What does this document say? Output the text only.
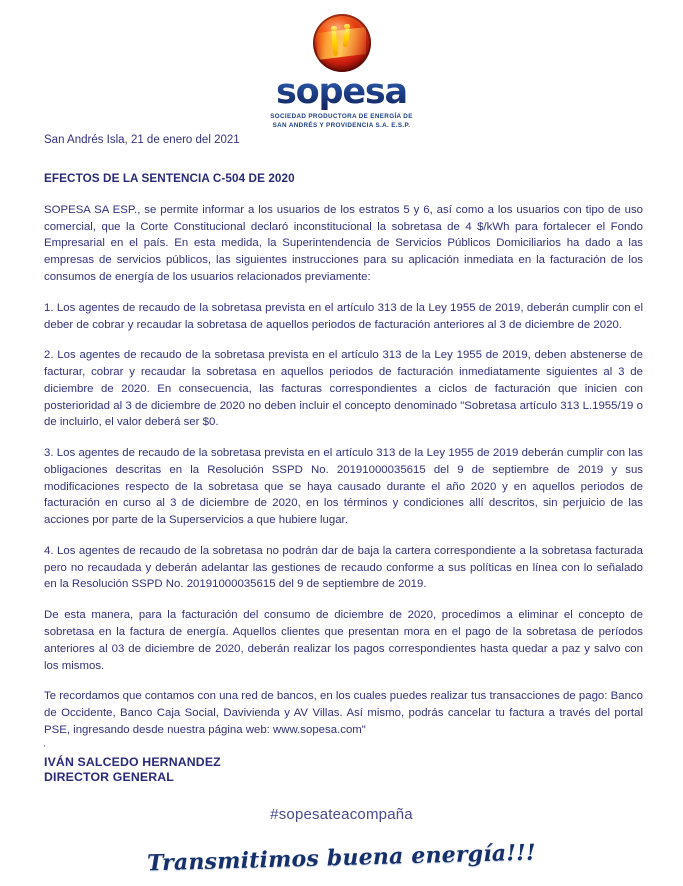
sopesa
SOCIEDAD PRODUCTORA DE ENERGÍA DE
SAN ANDRÉS Y PROVIDENCIA S.A. E.S.P.
San Andrés Isla, 21 de enero del 2021
EFECTOS DE LA SENTENCIA C-504 DE 2020

SOPESA SA ESP., se permite informar a los usuarios de los estratos 5 y 6, así como a los usuarios con tipo de uso comercial, que la Corte Constitucional declaró inconstitucional la sobretasa de 4 $/kWh para fortalecer el Fondo Empresarial en el país. En esta medida, la Superintendencia de Servicios Públicos Domiciliarios ha dado a las empresas de servicios públicos, las siguientes instrucciones para su aplicación inmediata en la facturación de los consumos de energía de los usuarios relacionados previamente:

1. Los agentes de recaudo de la sobretasa prevista en el artículo 313 de la Ley 1955 de 2019, deberán cumplir con el deber de cobrar y recaudar la sobretasa de aquellos periodos de facturación anteriores al 3 de diciembre de 2020.

2. Los agentes de recaudo de la sobretasa prevista en el artículo 313 de la Ley 1955 de 2019, deben abstenerse de facturar, cobrar y recaudar la sobretasa en aquellos periodos de facturación inmediatamente siguientes al 3 de diciembre de 2020. En consecuencia, las facturas correspondientes a ciclos de facturación que inicien con posterioridad al 3 de diciembre de 2020 no deben incluir el concepto denominado "Sobretasa artículo 313 L.1955/19 o de incluirlo, el valor deberá ser $0.

3. Los agentes de recaudo de la sobretasa prevista en el artículo 313 de la Ley 1955 de 2019 deberán cumplir con las obligaciones descritas en la Resolución SSPD No. 20191000035615 del 9 de septiembre de 2019 y sus modificaciones respecto de la sobretasa que se haya causado durante el año 2020 y en aquellos periodos de facturación en curso al 3 de diciembre de 2020, en los términos y condiciones allí descritos, sin perjuicio de las acciones por parte de la Superservicios a que hubiere lugar.

4. Los agentes de recaudo de la sobretasa no podrán dar de baja la cartera correspondiente a la sobretasa facturada pero no recaudada y deberán adelantar las gestiones de recaudo conforme a sus políticas en línea con lo señalado en la Resolución SSPD No. 20191000035615 del 9 de septiembre de 2019.

De esta manera, para la facturación del consumo de diciembre de 2020, procedimos a eliminar el concepto de sobretasa en la factura de energía. Aquellos clientes que presentan mora en el pago de la sobretasa de períodos anteriores al 03 de diciembre de 2020, deberán realizar los pagos correspondientes hasta quedar a paz y salvo con los mismos.

Te recordamos que contamos con una red de bancos, en los cuales puedes realizar tus transacciones de pago: Banco de Occidente, Banco Caja Social, Davivienda y AV Villas. Así mismo, podrás cancelar tu factura a través del portal PSE, ingresando desde nuestra página web: www.sopesa.com"

'
IVÁN SALCEDO HERNANDEZ
DIRECTOR GENERAL
#sopesateacompaña
Transmitimos buena energía!!!
